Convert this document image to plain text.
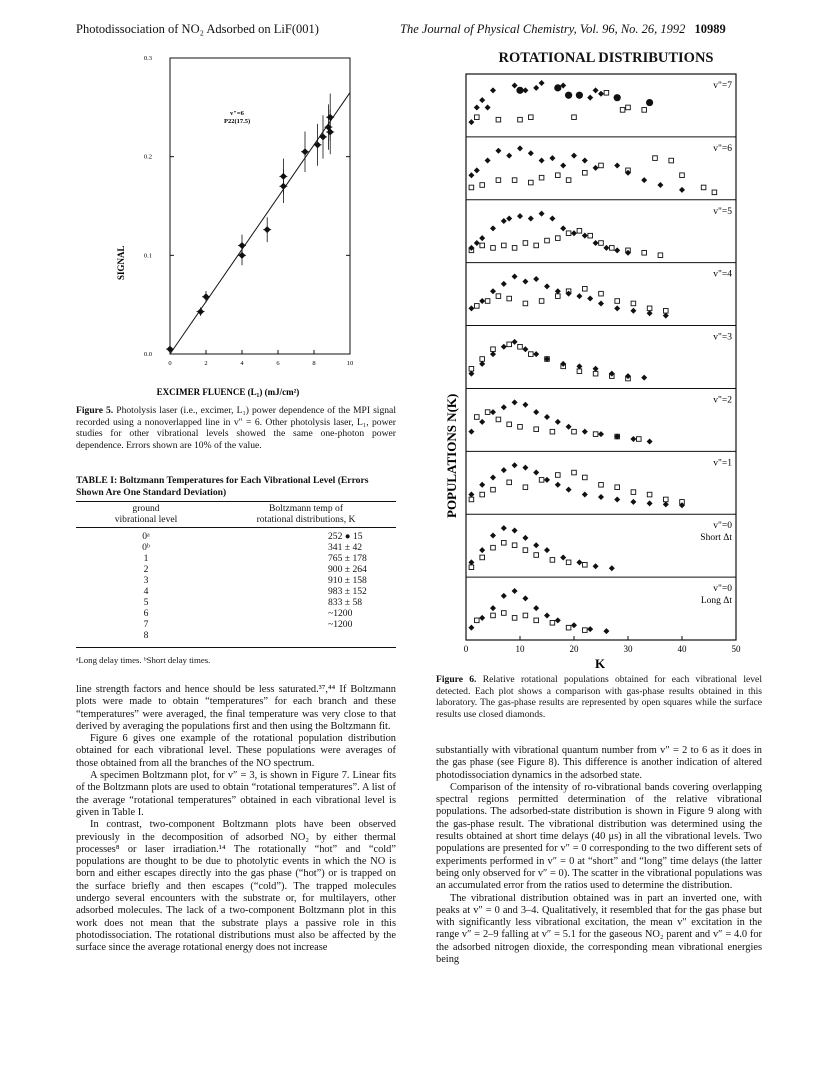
Photodissociation of NO₂ Adsorbed on LiF(001)	The Journal of Physical Chemistry, Vol. 96, No. 26, 1992 10989
0	2	4	6	8	10
0.0
0.1
0.2
0.3
v"=6
P22(17.5)
SIGNAL
EXCIMER FLUENCE (L₁) (mJ/cm²)
Figure 5. Photolysis laser (i.e., excimer, L₁) power dependence of the MPI signal recorded using a nonoverlapped line in v″ = 6. Other photolysis laser, L₁, power studies for other vibrational levels showed the same one-photon power dependence. Errors shown are 10% of the value.
TABLE I: Boltzmann Temperatures for Each Vibrational Level (Errors Shown Are One Standard Deviation)
ground
vibrational level
Boltzmann temp of
rotational distributions, K
0ᵃ	252 ● 15
0ᵇ	341 ± 42
1	765 ± 178
2	900 ± 264
3	910 ± 158
4	983 ± 152
5	833 ± 58
6	~1200
7	~1200
8	
ᵃLong delay times. ᵇShort delay times.

line strength factors and hence should be less saturated.³⁷,⁴⁴ If Boltzmann plots were made to obtain “temperatures” for each branch and these “temperatures” were averaged, the final temperature was very close to that derived by averaging the populations first and then using the Boltzmann fit.

Figure 6 gives one example of the rotational population distribution obtained for each vibrational level. These populations were averages of those obtained from all the branches of the NO spectrum.

A specimen Boltzmann plot, for v″ = 3, is shown in Figure 7. Linear fits of the Boltzmann plots are used to obtain “rotational temperatures”. A list of the average “rotational temperatures” obtained in each vibrational level is given in Table I.

In contrast, two-component Boltzmann plots have been observed previously in the decomposition of adsorbed NO₂ by either thermal processes⁸ or laser irradiation.¹⁴ The rotationally “hot” and “cold” populations are thought to be due to photolytic events in which the NO is born and either escapes directly into the gas phase (“hot”) or is trapped on the surface briefly and then escapes (“cold”). The trapped molecules undergo several encounters with the substrate or, for multilayers, other adsorbed molecules. The lack of a two-component Boltzmann plot in this work does not mean that the substrate plays a passive role in this photodissociation. The rotational distributions must also be affected by the surface since the average rotational energy does not increase

ROTATIONAL DISTRIBUTIONS
v"=7
v"=6
v"=5
v"=4
v"=3
v"=2
v"=1
v"=0
Short Δt
v"=0
Long Δt
0	10	20	30	40	50
POPULATIONS N(K)
K
Figure 6. Relative rotational populations obtained for each vibrational level detected. Each plot shows a comparison with gas-phase results obtained in this laboratory. The gas-phase results are represented by open squares while the surface results use closed diamonds.

substantially with vibrational quantum number from v″ = 2 to 6 as it does in the gas phase (see Figure 8). This difference is another indication of altered photodissociation dynamics in the adsorbed state.

Comparison of the intensity of ro-vibrational bands covering overlapping spectral regions permitted determination of the relative vibrational populations. The adsorbed-state distribution is shown in Figure 9 along with the gas-phase result. The vibrational distribution was determined using the results obtained at short time delays (40 μs) in all the vibrational levels. Two populations are presented for v″ = 0 corresponding to the two different sets of experiments performed in v″ = 0 at “short” and “long” time delays (the latter being only observed for v″ = 0). The scatter in the vibrational populations was an accumulated error from the ratios used to determine the distribution.

The vibrational distribution obtained was in part an inverted one, with peaks at v″ = 0 and 3–4. Qualitatively, it resembled that for the gas phase but with significantly less vibrational excitation, the mean v″ excitation in the range v″ = 2–9 falling at v″ = 5.1 for the gaseous NO₂ parent and v″ = 4.0 for the adsorbed nitrogen dioxide, the corresponding mean vibrational energies being
